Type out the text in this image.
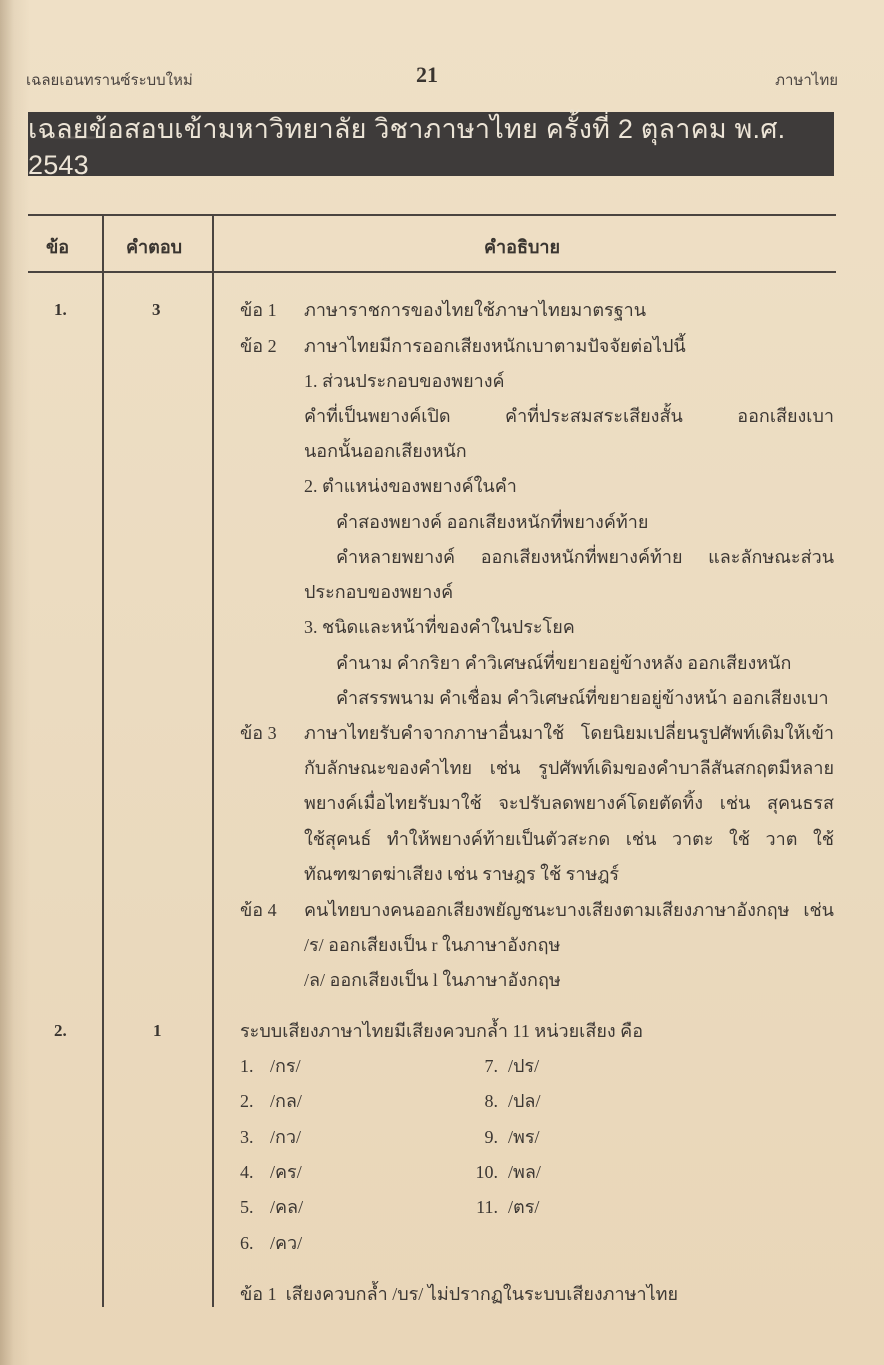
เฉลยเอนทรานซ์ระบบใหม่	21	ภาษาไทย
เฉลยข้อสอบเข้ามหาวิทยาลัย วิชาภาษาไทย ครั้งที่ 2 ตุลาคม พ.ศ. 2543
ข้อ	คำตอบ	คำอธิบาย
1.	3	ข้อ 1 ภาษาราชการของไทยใช้ภาษาไทยมาตรฐาน
ข้อ 2 ภาษาไทยมีการออกเสียงหนักเบาตามปัจจัยต่อไปนี้
1. ส่วนประกอบของพยางค์
คำที่เป็นพยางค์เปิด	คำที่ประสมสระเสียงสั้น	ออกเสียงเบา
นอกนั้นออกเสียงหนัก
2. ตำแหน่งของพยางค์ในคำ
คำสองพยางค์ ออกเสียงหนักที่พยางค์ท้าย
คำหลายพยางค์ ออกเสียงหนักที่พยางค์ท้าย และลักษณะส่วน
ประกอบของพยางค์
3. ชนิดและหน้าที่ของคำในประโยค
คำนาม คำกริยา คำวิเศษณ์ที่ขยายอยู่ข้างหลัง ออกเสียงหนัก
คำสรรพนาม คำเชื่อม คำวิเศษณ์ที่ขยายอยู่ข้างหน้า ออกเสียงเบา
ข้อ 3	ภาษาไทยรับคำจากภาษาอื่นมาใช้ โดยนิยมเปลี่ยนรูปศัพท์เดิมให้เข้า
กับลักษณะของคำไทย เช่น รูปศัพท์เดิมของคำบาลีสันสกฤตมีหลาย
พยางค์เมื่อไทยรับมาใช้ จะปรับลดพยางค์โดยตัดทิ้ง เช่น สุคนธรส
ใช้สุคนธ์ ทำให้พยางค์ท้ายเป็นตัวสะกด เช่น วาตะ ใช้ วาต ใช้
ทัณฑฆาตฆ่าเสียง เช่น ราษฎร ใช้ ราษฎร์
ข้อ 4	คนไทยบางคนออกเสียงพยัญชนะบางเสียงตามเสียงภาษาอังกฤษ เช่น
/ร/ ออกเสียงเป็น r ในภาษาอังกฤษ
/ล/ ออกเสียงเป็น l ในภาษาอังกฤษ
2.	1	ระบบเสียงภาษาไทยมีเสียงควบกล้ำ 11 หน่วยเสียง คือ
1. /กร/
2. /กล/
3. /กว/
4. /คร/
5. /คล/
6. /คว/
7. /ปร/
8. /ปล/
9. /พร/
10. /พล/
11. /ตร/
ข้อ 1 เสียงควบกล้ำ /บร/ ไม่ปรากฏในระบบเสียงภาษาไทย
